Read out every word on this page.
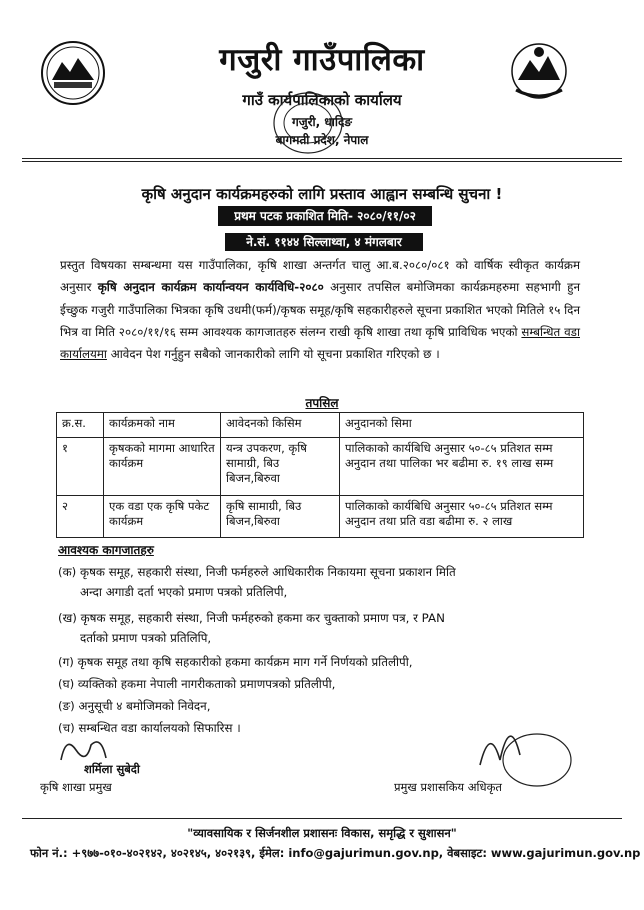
गजुरी गाउँपालिका
गाउँ कार्यपालिकाको कार्यालय
गजुरी, धादिङ
बागमती प्रदेश, नेपाल
कृषि अनुदान कार्यक्रमहरुको लागि प्रस्ताव आह्वान सम्बन्धि सुचना !
प्रथम पटक प्रकाशित मिति- २०८०/११/०२
ने.सं. ११४४ सिल्लाथ्वा, ४ मंगलबार
प्रस्तुत विषयका सम्बन्धमा यस गाउँपालिका, कृषि शाखा अन्तर्गत चालु आ.ब.२०८०/०८१ को वार्षिक स्वीकृत कार्यक्रम अनुसार कृषि अनुदान कार्यक्रम कार्यान्वयन कार्यविधि-२०८० अनुसार तपसिल बमोजिमका कार्यक्रमहरुमा सहभागी हुन ईच्छुक गजुरी गाउँपालिका भित्रका कृषि उधमी(फर्म)/कृषक समूह/कृषि सहकारीहरुले सूचना प्रकाशित भएको मितिले १५ दिन भित्र वा मिति २०८०/११/१६ सम्म आवश्यक कागजातहरु संलग्न राखी कृषि शाखा तथा कृषि प्राविधिक भएको सम्बन्धित वडा कार्यालयमा आवेदन पेश गर्नुहुन सबैको जानकारीको लागि यो सूचना प्रकाशित गरिएको छ ।
तपसिल
क्र.स.	कार्यक्रमको नाम	आवेदनको किसिम	अनुदानको सिमा
१	कृषकको मागमा आधारित कार्यक्रम	यन्त्र उपकरण, कृषि सामाग्री, बिउ बिजन,बिरुवा	पालिकाको कार्यबिधि अनुसार ५०-८५ प्रतिशत सम्म अनुदान तथा पालिका भर बढीमा रु. १९ लाख सम्म
२	एक वडा एक कृषि पकेट कार्यक्रम	कृषि सामाग्री, बिउ बिजन,बिरुवा	पालिकाको कार्यबिधि अनुसार ५०-८५ प्रतिशत सम्म अनुदान तथा प्रति वडा बढीमा रु. २ लाख
आवश्यक कागजातहरु
(क) कृषक समूह, सहकारी संस्था, निजी फर्महरुले आधिकारीक निकायमा सूचना प्रकाशन मिति
अन्दा अगाडी दर्ता भएको प्रमाण पत्रको प्रतिलिपी,
(ख) कृषक समूह, सहकारी संस्था, निजी फर्महरुको हकमा कर चुक्ताको प्रमाण पत्र, र PAN
दर्ताको प्रमाण पत्रको प्रतिलिपि,
(ग) कृषक समूह तथा कृषि सहकारीको हकमा कार्यक्रम माग गर्ने निर्णयको प्रतिलीपी,
(घ) व्यक्तिको हकमा नेपाली नागरीकताको प्रमाणपत्रको प्रतिलीपी,
(ङ) अनुसूची ४ बमोजिमको निवेदन,
(च) सम्बन्धित वडा कार्यालयको सिफारिस ।
शर्मिला सुबेदी
कृषि शाखा प्रमुख	प्रमुख प्रशासकिय अधिकृत
"व्यावसायिक र सिर्जनशील प्रशासनः विकास, समृद्धि र सुशासन"
फोन नं.: +९७७-०१०-४०२१४२, ४०२१४५, ४०२१३९, ईमेल: info@gajurimun.gov.np, वेबसाइट: www.gajurimun.gov.np
